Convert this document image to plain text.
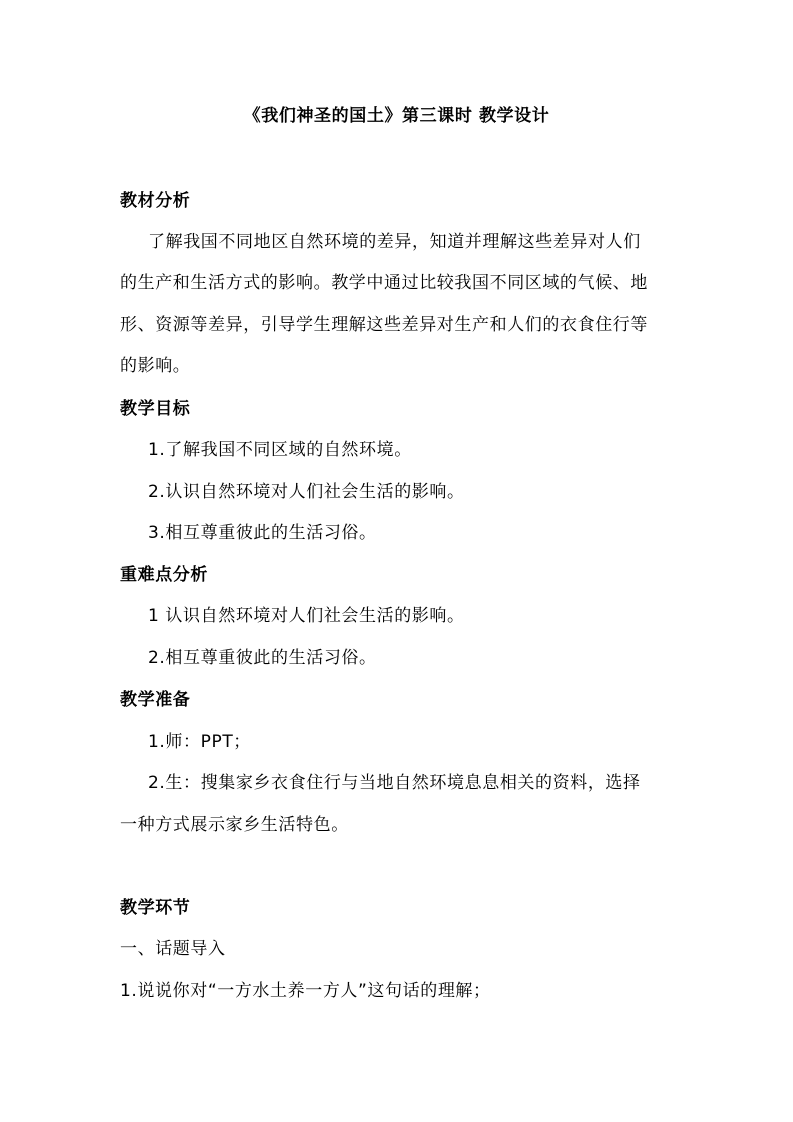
《我们神圣的国土》第三课时 教学设计
教材分析
了解我国不同地区自然环境的差异，知道并理解这些差异对人们
的生产和生活方式的影响。教学中通过比较我国不同区域的气候、地
形、资源等差异，引导学生理解这些差异对生产和人们的衣食住行等
的影响。
教学目标
1.了解我国不同区域的自然环境。
2.认识自然环境对人们社会生活的影响。
3.相互尊重彼此的生活习俗。
重难点分析
1 认识自然环境对人们社会生活的影响。
2.相互尊重彼此的生活习俗。
教学准备
1.师：PPT；
2.生：搜集家乡衣食住行与当地自然环境息息相关的资料，选择
一种方式展示家乡生活特色。
教学环节
一、话题导入
1.说说你对“一方水土养一方人”这句话的理解；
